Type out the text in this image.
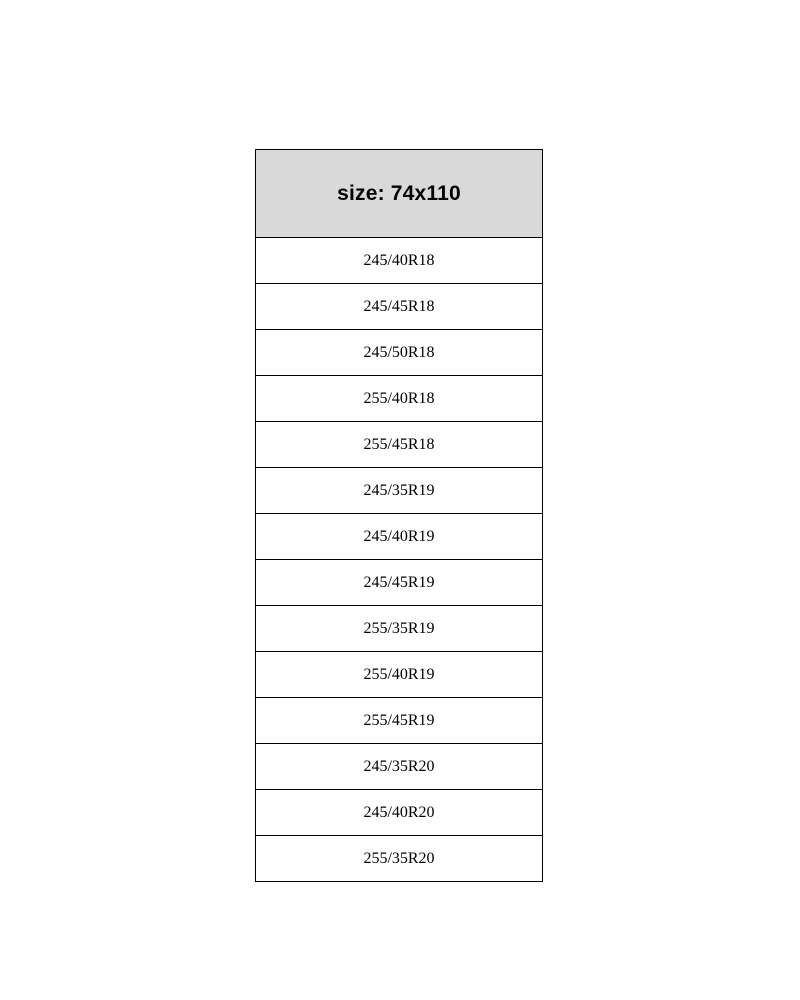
size: 74x110
245/40R18
245/45R18
245/50R18
255/40R18
255/45R18
245/35R19
245/40R19
245/45R19
255/35R19
255/40R19
255/45R19
245/35R20
245/40R20
255/35R20
